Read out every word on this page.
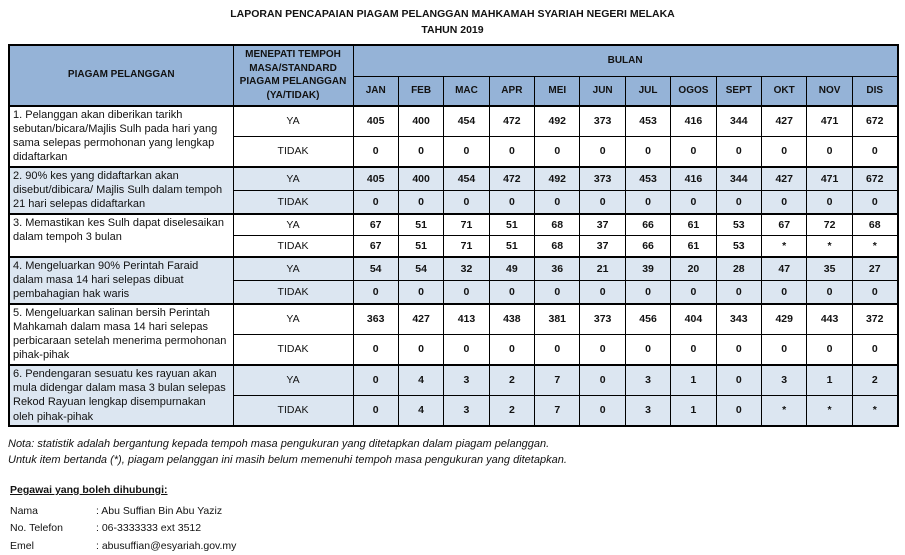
LAPORAN PENCAPAIAN PIAGAM PELANGGAN MAHKAMAH SYARIAH NEGERI MELAKA
TAHUN 2019
PIAGAM PELANGGAN	MENEPATI TEMPOH MASA/STANDARD PIAGAM PELANGGAN (YA/TIDAK)	BULAN											
		JAN	FEB	MAC	APR	MEI	JUN	JUL	OGOS	SEPT	OKT	NOV	DIS
1. Pelanggan akan diberikan tarikh sebutan/bicara/Majlis Sulh pada hari yang sama selepas permohonan yang lengkap didaftarkan	YA	405	400	454	472	492	373	453	416	344	427	471	672
	TIDAK	0	0	0	0	0	0	0	0	0	0	0	0
2. 90% kes yang didaftarkan akan disebut/dibicara/ Majlis Sulh dalam tempoh 21 hari selepas didaftarkan	YA	405	400	454	472	492	373	453	416	344	427	471	672
	TIDAK	0	0	0	0	0	0	0	0	0	0	0	0
3. Memastikan kes Sulh dapat diselesaikan dalam tempoh 3 bulan	YA	67	51	71	51	68	37	66	61	53	67	72	68
	TIDAK	67	51	71	51	68	37	66	61	53	*	*	*
4. Mengeluarkan 90% Perintah Faraid dalam masa 14 hari selepas dibuat pembahagian hak waris	YA	54	54	32	49	36	21	39	20	28	47	35	27
	TIDAK	0	0	0	0	0	0	0	0	0	0	0	0
5. Mengeluarkan salinan bersih Perintah Mahkamah dalam masa 14 hari selepas perbicaraan setelah menerima permohonan pihak-pihak	YA	363	427	413	438	381	373	456	404	343	429	443	372
	TIDAK	0	0	0	0	0	0	0	0	0	0	0	0
6. Pendengaran sesuatu kes rayuan akan mula didengar dalam masa 3 bulan selepas Rekod Rayuan lengkap disempurnakan oleh pihak-pihak	YA	0	4	3	2	7	0	3	1	0	3	1	2
	TIDAK	0	4	3	2	7	0	3	1	0	*	*	*
Nota: statistik adalah bergantung kepada tempoh masa pengukuran yang ditetapkan dalam piagam pelanggan.
Untuk item bertanda (*), piagam pelanggan ini masih belum memenuhi tempoh masa pengukuran yang ditetapkan.
Pegawai yang boleh dihubungi:
Nama	: Abu Suffian Bin Abu Yaziz
No. Telefon	: 06-3333333 ext 3512
Emel	: abusuffian@esyariah.gov.my
